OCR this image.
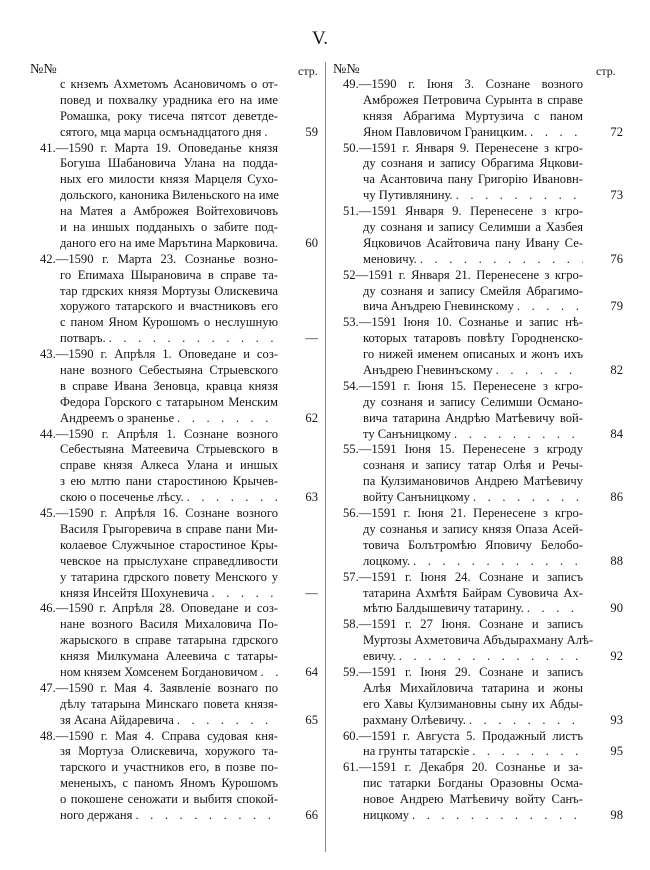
V.
№№	стр. №№	стр.
с кнземъ Ахметомъ Асановичомъ о от-
повед и похвалку урадника его на име
Ромашка, року тисеча пятсот деветде-
сятого, мца марца осмънадцатого дня . . .	59
41.—1590 г. Марта 19. Оповеданье князя
Богуша Шабановича Улана на подда-
ных его милости князя Марцеля Сухо-
дольского, каноника Виленьского на име
на Матея а Амброжея Войтеховичовъ
и на иншых подданыхъ о забите под-
даного его на име Марътина Марковича. . . .	60
42.—1590 г. Марта 23. Сознанье возно-
го Епимаха Шырановича в справе та-
тар гдрских князя Мортузы Олискевича
хоружого татарского и вчастниковъ его
с паном Яном Курошомъ о неслушную
потваръ. . . .	—
43.—1590 г. Апрѣля 1. Оповедане и соз-
нане возного Себестыяна Стрыевского
в справе Ивана Зеновца, кравца князя
Федора Горского с татарыном Менским
Андреемъ о зраненье . . .	62
44.—1590 г. Апрѣля 1. Сознане возного
Себестыяна Матеевича Стрыевского в
справе князя Алкеса Улана и иншых
з ею млтю пани старостиною Крычев-
скою о посеченье лѣсу. . . .	63
45.—1590 г. Апрѣля 16. Сознане возного
Василя Грыгоревича в справе пани Ми-
колаевое Служчыное старостиное Кры-
чевское на прыслухане справедливости
у татарина гдрского повету Менского у
князя Инсейтя Шохуневича . . .	—
46.—1590 г. Апрѣля 28. Оповедане и соз-
нане возного Василя Михаловича По-
жарыского в справе татарына гдрского
князя Милкумана Алеевича с татары-
ном князем Хомсенем Богдановичом . . .	64
47.—1590 г. Мая 4. Заявленіе вознаго по
дѣлу татарына Минскаго повета князя-
зя Асана Айдаревича . . .	65
48.—1590 г. Мая 4. Справа судовая кня-
зя Мортуза Олискевича, хоружого та-
тарского и участников его, в позве по-
мененыхъ, с паномъ Яномъ Курошомъ
о покошене сеножати и выбитя спокой-
ного держаня . . .	66
49.—1590 г. Іюня 3. Сознане возного
Амброжея Петровича Сурынта в справе
князя Абрагима Муртузича с паном
Яном Павловичом Границким. . . .	72
50.—1591 г. Января 9. Перенесене з кгро-
ду сознаня и запису Обрагима Яцкови-
ча Асантовича пану Григорію Ивановн-
чу Путивлянину. . . .	73
51.—1591 Января 9. Перенесене з кгро-
ду сознаня и запису Селимши а Хазбея
Яцковичов Асайтовича пану Ивану Се-
меновичу. . . .	76
52—1591 г. Января 21. Перенесене з кгро-
ду сознаня и запису Смейля Абрагимо-
вича Анъдрею Гневинскому . . .	79
53.—1591 Іюня 10. Сознанье и запис нѣ-
которых татаровъ повѣту Городненско-
го нижей именем описаных и жонъ ихъ
Анъдрею Гневинъскому . . .	82
54.—1591 г. Іюня 15. Перенесене з кгро-
ду сознаня и запису Селимши Османо-
вича татарина Андрѣю Матѣевичу вой-
ту Санъницкому . . .	84
55.—1591 Іюня 15. Перенесене з кгроду
сознаня и запису татар Олѣя и Речы-
па Кулзимановичов Андрею Матѣевичу
войту Санъницкому . . .	86
56.—1591 г. Іюня 21. Перенесене з кгро-
ду сознанья и запису князя Опаза Асей-
товича Болътромѣю Яповичу Белобо-
лоцкому. . . .	88
57.—1591 г. Іюня 24. Сознане и записъ
татарина Ахмѣтя Байрам Сувовича Ах-
мѣтю Балдышевичу татарину. . . .	90
58.—1591 г. 27 Іюня. Сознане и записъ
Муртозы Ахметовича Абъдырахману Алѣ-
евичу. . . .	92
59.—1591 г. Іюня 29. Сознане и записъ
Алѣя Михайловича татарина и жоны
его Хавы Кулзимановны сыну их Абды-
рахману Олѣевичу. . . .	93
60.—1591 г. Августа 5. Продажный листъ
на грунты татарскіе . . .	95
61.—1591 г. Декабря 20. Сознанье и за-
пис татарки Богданы Оразовны Осма-
новое Андрею Матѣевичу войту Санъ-
ницкому . . .	98
